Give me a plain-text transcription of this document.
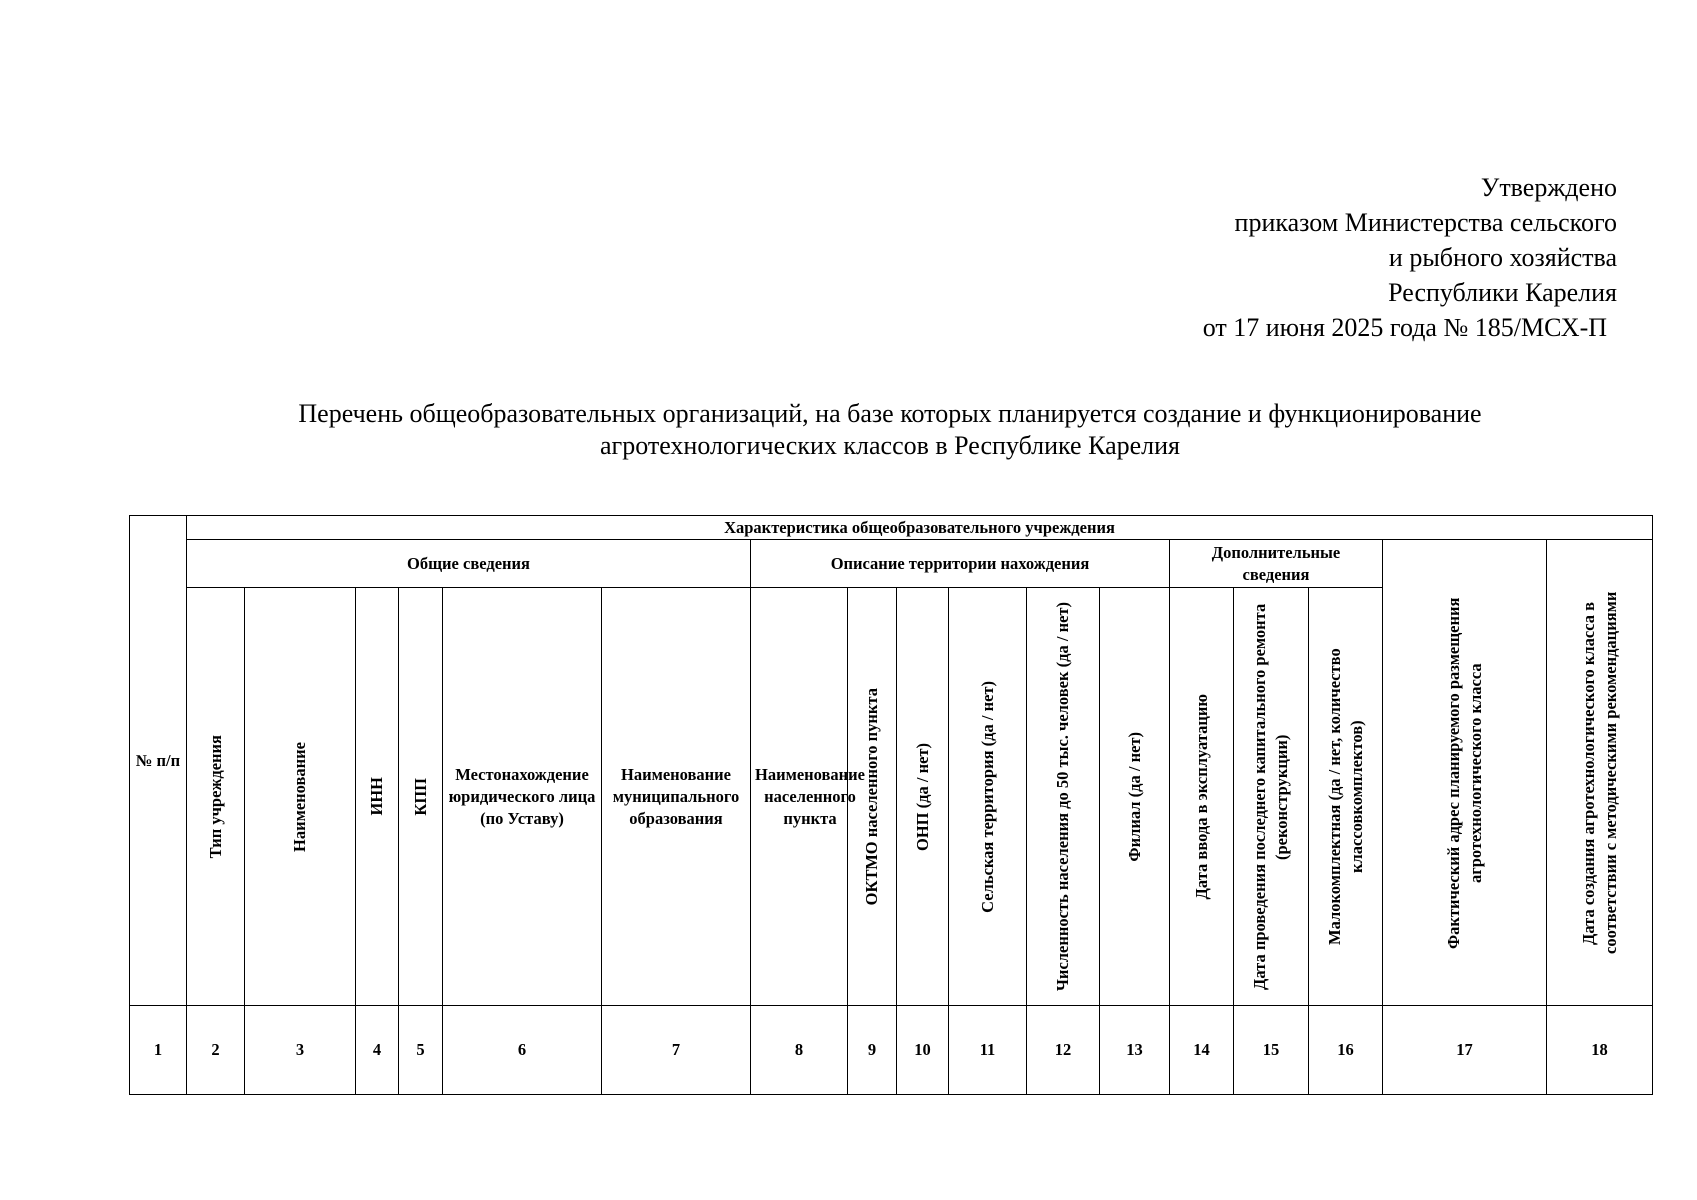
Утверждено
приказом Министерства сельского
и рыбного хозяйства
Республики Карелия
от 17 июня 2025 года № 185/МСХ-П
Перечень общеобразовательных организаций, на базе которых планируется создание и функционирование
агротехнологических классов в Республике Карелия
№ п/п	Характеристика общеобразовательного учреждения																
	Общие сведения						Описание территории нахождения						Дополнительные сведения			Фактический адрес планируемого размещения агротехнологического класса	Дата создания агротехнологического класса в соответствии с методическими рекомендациями

	Тип учреждения	Наименование	ИНН	КПП	Местонахождение юридического лица (по Уставу)	Наименование муниципального образования	Наименование населенного пункта	ОКТМО населенного пункта	ОНП (да / нет)	Сельская территория (да / нет)	Численность населения до 50 тыс. человек (да / нет)	Филиал (да / нет)	Дата ввода в эксплуатацию	Дата проведения последнего капитального ремонта (реконструкции)	Малокомплектная (да / нет, количество классовкомплектов)		

1	2	3	4	5	6	7	8	9	10	11	12	13	14	15	16	17	18
